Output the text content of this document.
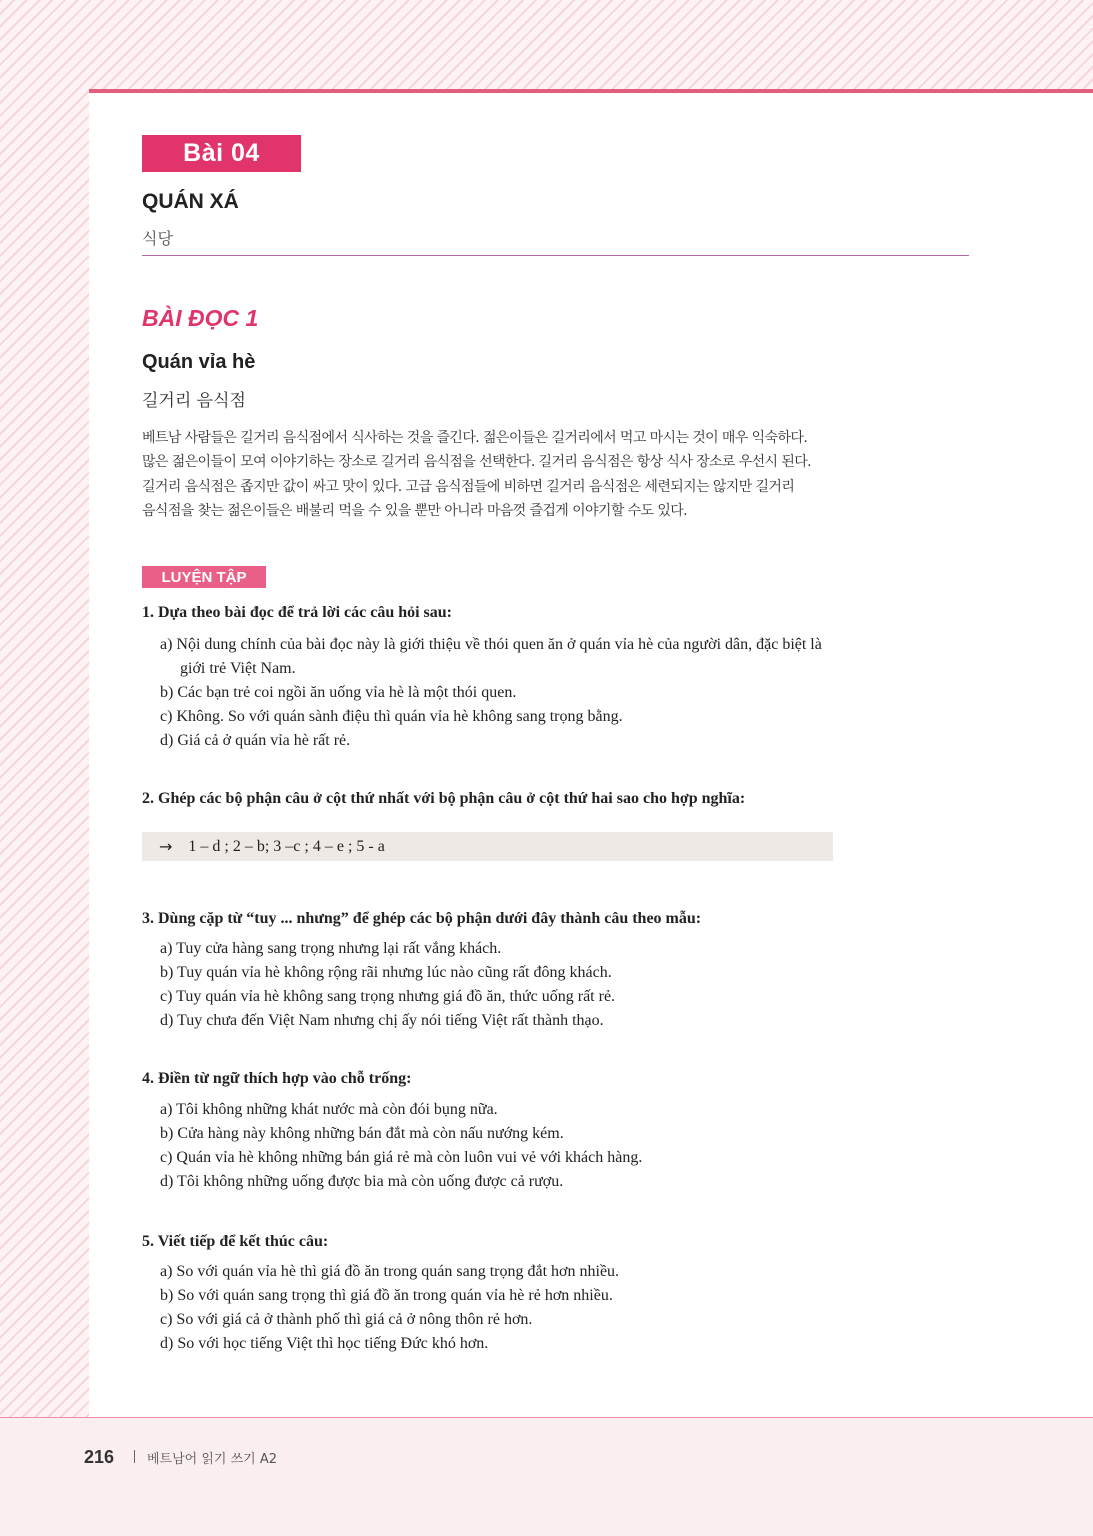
Bài 04
QUÁN XÁ
식당
BÀI ĐỌC 1
Quán vỉa hè
길거리 음식점
베트남 사람들은 길거리 음식점에서 식사하는 것을 즐긴다. 젊은이들은 길거리에서 먹고 마시는 것이 매우 익숙하다.
많은 젊은이들이 모여 이야기하는 장소로 길거리 음식점을 선택한다. 길거리 음식점은 항상 식사 장소로 우선시 된다.
길거리 음식점은 좁지만 값이 싸고 맛이 있다. 고급 음식점들에 비하면 길거리 음식점은 세련되지는 않지만 길거리
음식점을 찾는 젊은이들은 배불리 먹을 수 있을 뿐만 아니라 마음껏 즐겁게 이야기할 수도 있다.
LUYỆN TẬP
1. Dựa theo bài đọc để trả lời các câu hỏi sau:
a) Nội dung chính của bài đọc này là giới thiệu về thói quen ăn ở quán vỉa hè của người dân, đặc biệt là
giới trẻ Việt Nam.
b) Các bạn trẻ coi ngồi ăn uống vỉa hè là một thói quen.
c) Không. So với quán sành điệu thì quán vỉa hè không sang trọng bằng.
d) Giá cả ở quán vỉa hè rất rẻ.
2. Ghép các bộ phận câu ở cột thứ nhất với bộ phận câu ở cột thứ hai sao cho hợp nghĩa:
→ 1 – d ; 2 – b; 3 –c ; 4 – e ; 5 - a
3. Dùng cặp từ “tuy ... nhưng” để ghép các bộ phận dưới đây thành câu theo mẫu:
a) Tuy cửa hàng sang trọng nhưng lại rất vắng khách.
b) Tuy quán vỉa hè không rộng rãi nhưng lúc nào cũng rất đông khách.
c) Tuy quán vỉa hè không sang trọng nhưng giá đồ ăn, thức uống rất rẻ.
d) Tuy chưa đến Việt Nam nhưng chị ấy nói tiếng Việt rất thành thạo.
4. Điền từ ngữ thích hợp vào chỗ trống:
a) Tôi không những khát nước mà còn đói bụng nữa.
b) Cửa hàng này không những bán đắt mà còn nấu nướng kém.
c) Quán vỉa hè không những bán giá rẻ mà còn luôn vui vẻ với khách hàng.
d) Tôi không những uống được bia mà còn uống được cả rượu.
5. Viết tiếp để kết thúc câu:
a) So với quán vỉa hè thì giá đồ ăn trong quán sang trọng đắt hơn nhiều.
b) So với quán sang trọng thì giá đồ ăn trong quán vỉa hè rẻ hơn nhiều.
c) So với giá cả ở thành phố thì giá cả ở nông thôn rẻ hơn.
d) So với học tiếng Việt thì học tiếng Đức khó hơn.
216	베트남어 읽기 쓰기 A2
